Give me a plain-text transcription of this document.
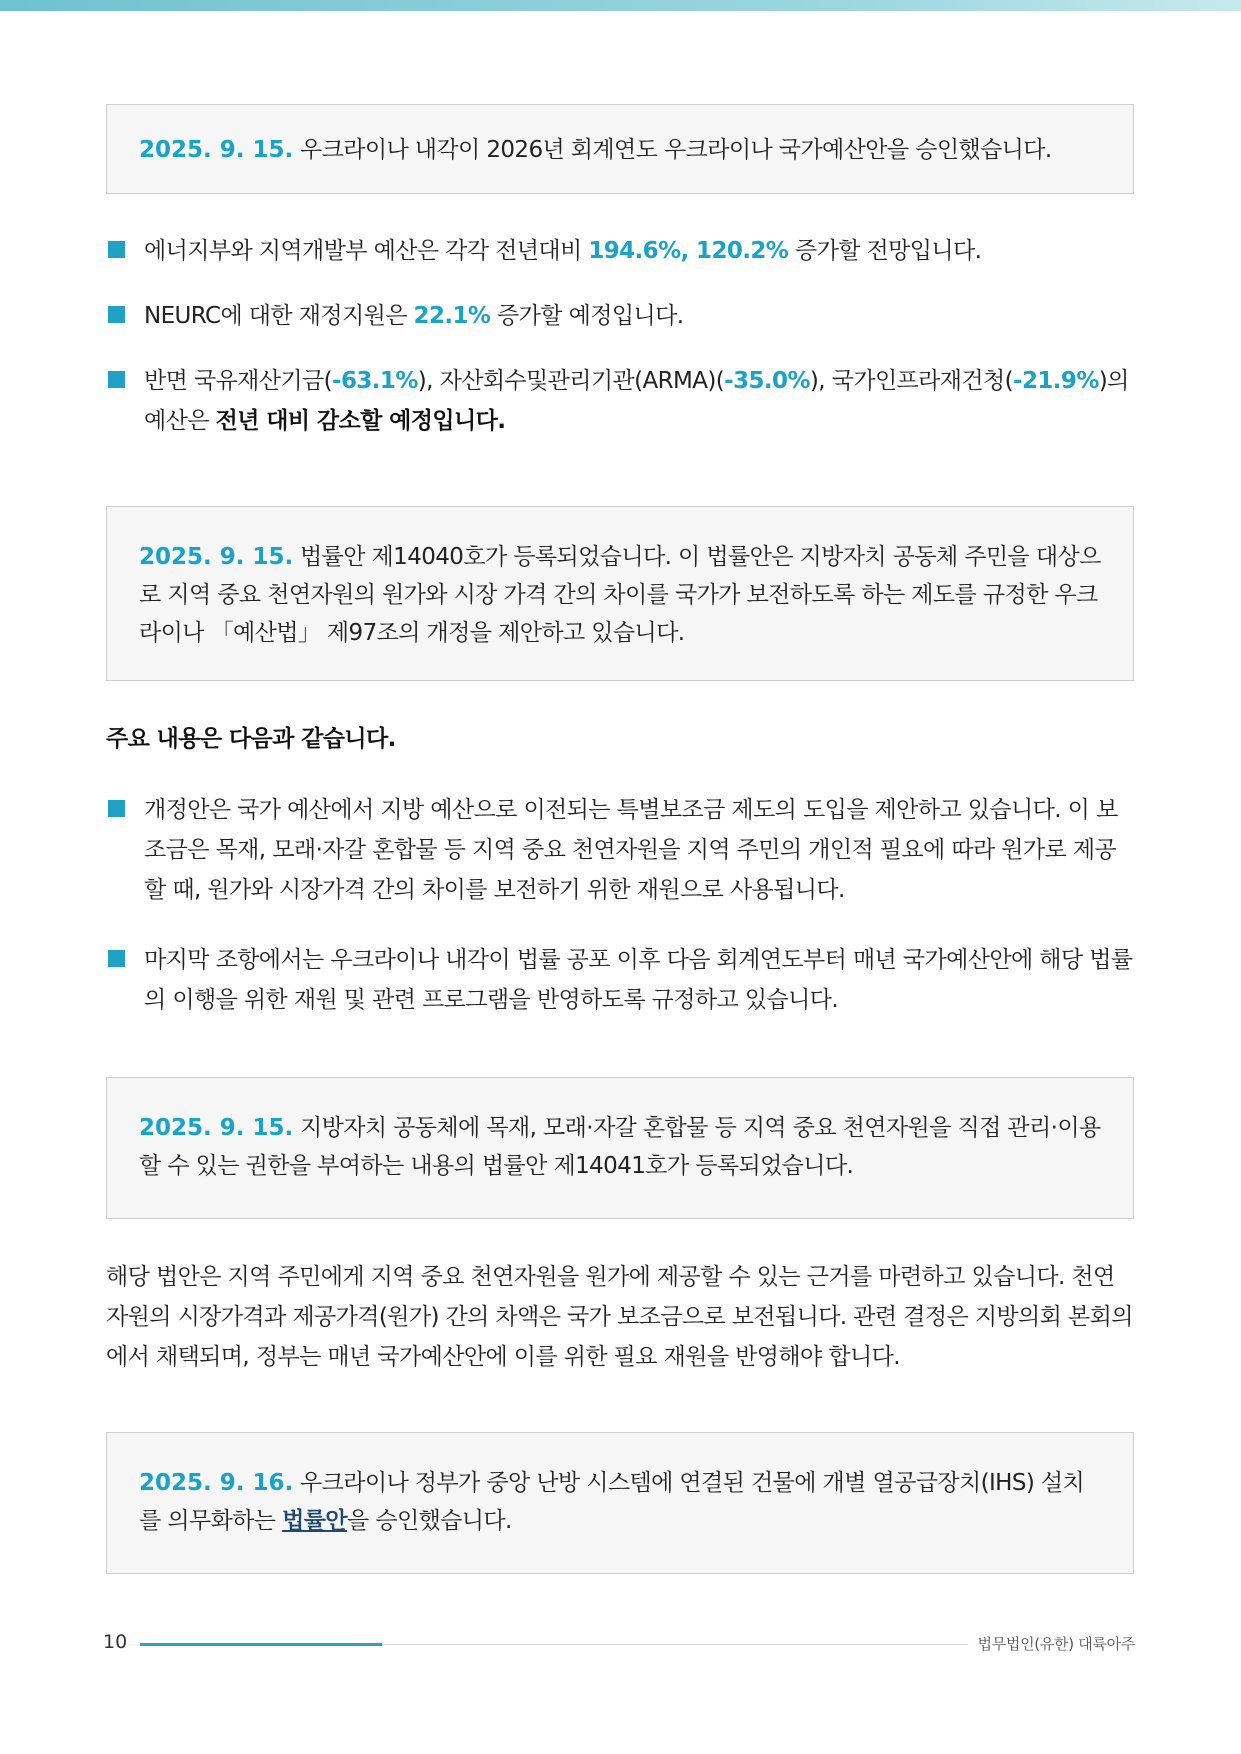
2025. 9. 15. 우크라이나 내각이 2026년 회계연도 우크라이나 국가예산안을 승인했습니다.

에너지부와 지역개발부 예산은 각각 전년대비 194.6%, 120.2% 증가할 전망입니다.
NEURC에 대한 재정지원은 22.1% 증가할 예정입니다.
반면 국유재산기금(-63.1%), 자산회수및관리기관(ARMA)(-35.0%), 국가인프라재건청(-21.9%)의 예산은 전년 대비 감소할 예정입니다.

2025. 9. 15. 법률안 제14040호가 등록되었습니다. 이 법률안은 지방자치 공동체 주민을 대상으로 지역 중요 천연자원의 원가와 시장 가격 간의 차이를 국가가 보전하도록 하는 제도를 규정한 우크라이나 「예산법」 제97조의 개정을 제안하고 있습니다.

주요 내용은 다음과 같습니다.
개정안은 국가 예산에서 지방 예산으로 이전되는 특별보조금 제도의 도입을 제안하고 있습니다. 이 보조금은 목재, 모래·자갈 혼합물 등 지역 중요 천연자원을 지역 주민의 개인적 필요에 따라 원가로 제공할 때, 원가와 시장가격 간의 차이를 보전하기 위한 재원으로 사용됩니다.
마지막 조항에서는 우크라이나 내각이 법률 공포 이후 다음 회계연도부터 매년 국가예산안에 해당 법률의 이행을 위한 재원 및 관련 프로그램을 반영하도록 규정하고 있습니다.

2025. 9. 15. 지방자치 공동체에 목재, 모래·자갈 혼합물 등 지역 중요 천연자원을 직접 관리·이용할 수 있는 권한을 부여하는 내용의 법률안 제14041호가 등록되었습니다.

해당 법안은 지역 주민에게 지역 중요 천연자원을 원가에 제공할 수 있는 근거를 마련하고 있습니다. 천연자원의 시장가격과 제공가격(원가) 간의 차액은 국가 보조금으로 보전됩니다. 관련 결정은 지방의회 본회의에서 채택되며, 정부는 매년 국가예산안에 이를 위한 필요 재원을 반영해야 합니다.

2025. 9. 16. 우크라이나 정부가 중앙 난방 시스템에 연결된 건물에 개별 열공급장치(IHS) 설치를 의무화하는 법률안을 승인했습니다.

10	법무법인(유한) 대륙아주
